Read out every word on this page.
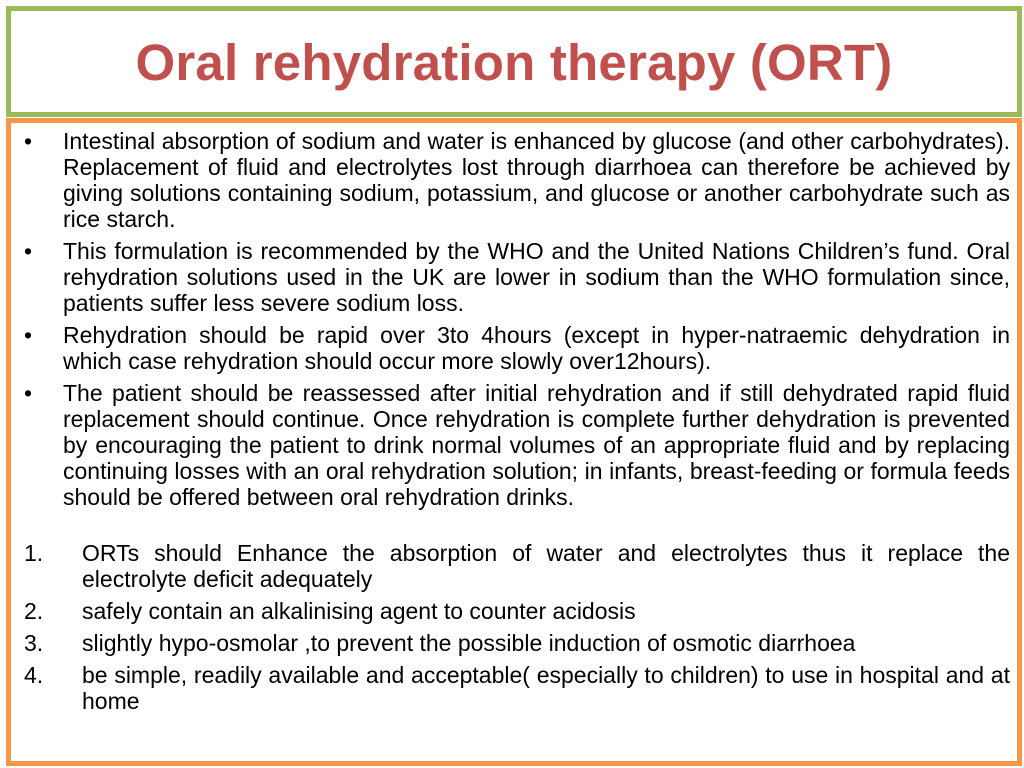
Oral rehydration therapy (ORT)
• Intestinal absorption of sodium and water is enhanced by glucose (and other carbohydrates). Replacement of fluid and electrolytes lost through diarrhoea can therefore be achieved by giving solutions containing sodium, potassium, and glucose or another carbohydrate such as rice starch.
• This formulation is recommended by the WHO and the United Nations Children’s fund. Oral rehydration solutions used in the UK are lower in sodium than the WHO formulation since, patients suffer less severe sodium loss.
• Rehydration should be rapid over 3to 4hours (except in hyper-natraemic dehydration in which case rehydration should occur more slowly over12hours).
• The patient should be reassessed after initial rehydration and if still dehydrated rapid fluid replacement should continue. Once rehydration is complete further dehydration is prevented by encouraging the patient to drink normal volumes of an appropriate fluid and by replacing continuing losses with an oral rehydration solution; in infants, breast-feeding or formula feeds should be offered between oral rehydration drinks.
1. ORTs should Enhance the absorption of water and electrolytes thus it replace the electrolyte deficit adequately
2. safely contain an alkalinising agent to counter acidosis
3. slightly hypo-osmolar ,to prevent the possible induction of osmotic diarrhoea
4. be simple, readily available and acceptable( especially to children) to use in hospital and at home
